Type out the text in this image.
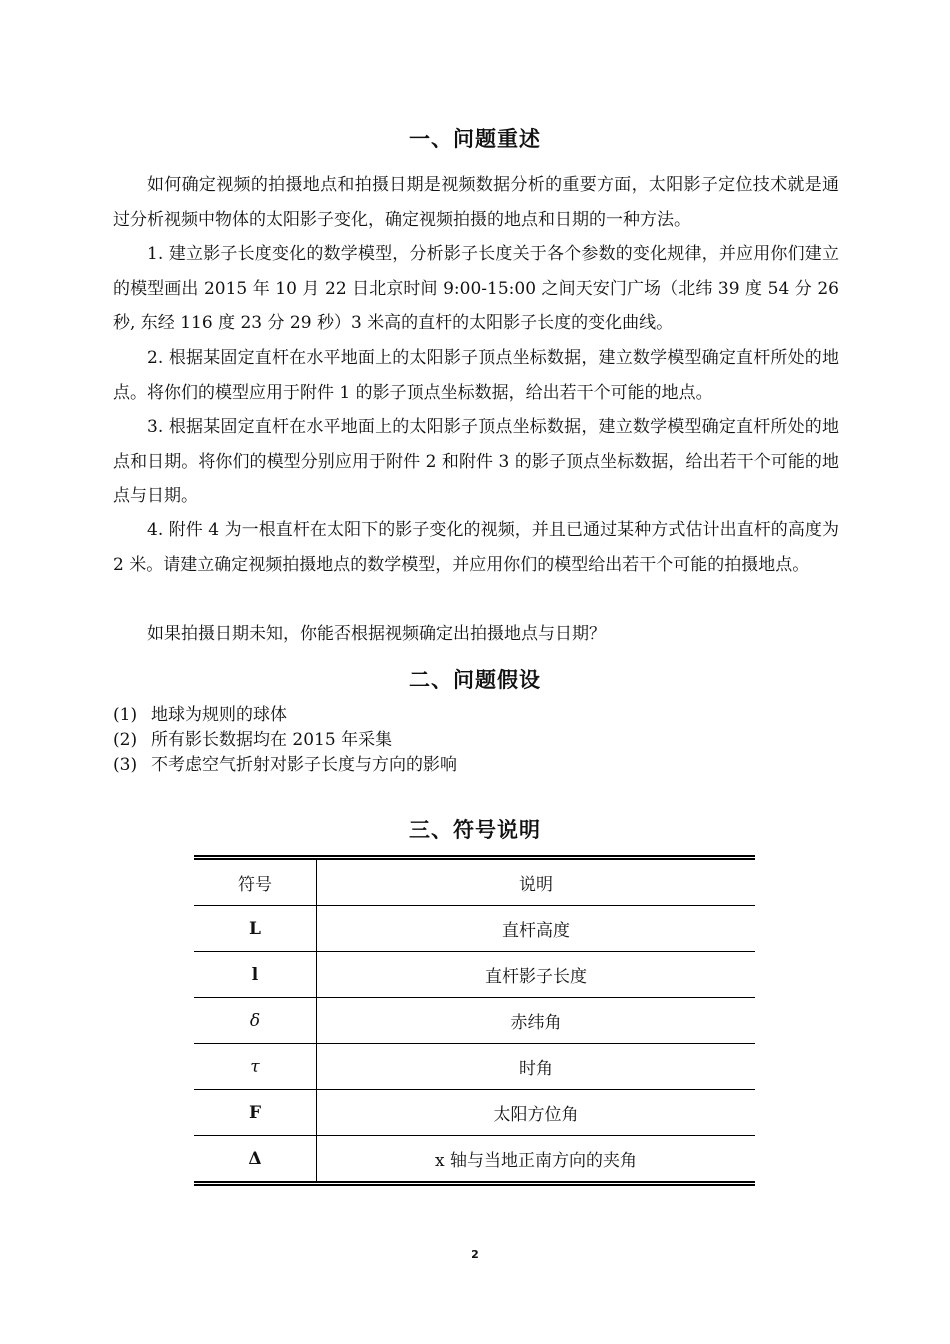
一、问题重述

如何确定视频的拍摄地点和拍摄日期是视频数据分析的重要方面，太阳影子定位技术就是通过分析视频中物体的太阳影子变化，确定视频拍摄的地点和日期的一种方法。

1. 建立影子长度变化的数学模型，分析影子长度关于各个参数的变化规律，并应用你们建立的模型画出 2015 年 10 月 22 日北京时间 9:00-15:00 之间天安门广场（北纬 39 度 54 分 26 秒, 东经 116 度 23 分 29 秒）3 米高的直杆的太阳影子长度的变化曲线。

2. 根据某固定直杆在水平地面上的太阳影子顶点坐标数据，建立数学模型确定直杆所处的地点。将你们的模型应用于附件 1 的影子顶点坐标数据，给出若干个可能的地点。

3. 根据某固定直杆在水平地面上的太阳影子顶点坐标数据，建立数学模型确定直杆所处的地点和日期。将你们的模型分别应用于附件 2 和附件 3 的影子顶点坐标数据，给出若干个可能的地点与日期。

4. 附件 4 为一根直杆在太阳下的影子变化的视频，并且已通过某种方式估计出直杆的高度为 2 米。请建立确定视频拍摄地点的数学模型，并应用你们的模型给出若干个可能的拍摄地点。

如果拍摄日期未知，你能否根据视频确定出拍摄地点与日期？

二、问题假设
(1) 地球为规则的球体
(2) 所有影长数据均在 2015 年采集
(3) 不考虑空气折射对影子长度与方向的影响
三、符号说明
符号	说明
L	直杆高度
l	直杆影子长度
δ	赤纬角
τ	时角
F	太阳方位角
Δ	x 轴与当地正南方向的夹角
2
